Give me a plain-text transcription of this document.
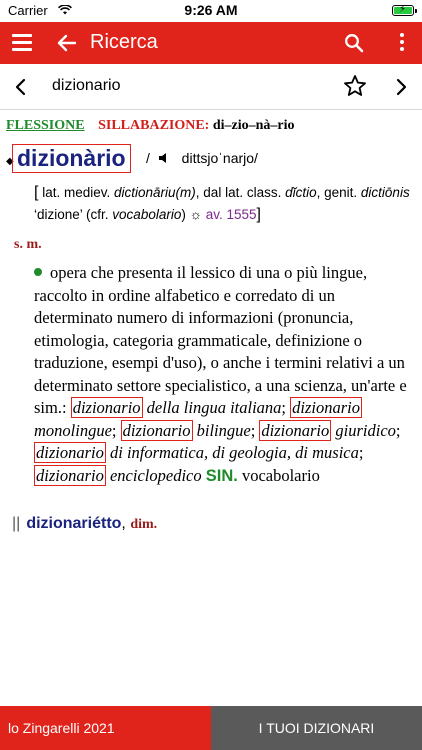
Carrier	9:26 AM	⚡
Ricerca
dizionario
FLESSIONE SILLABAZIONE: di–zio–nà–rio
◆ dizionàrio	/ dittsjoˈnarjo/
[ lat. mediev. dictionāriu(m), dal lat. class. dĭctio, genit. dictiōnis ‘dizione’ (cfr. vocabolario) ☼ av. 1555]
s. m.
opera che presenta il lessico di una o più lingue, raccolto in ordine alfabetico e corredato di un determinato numero di informazioni (pronuncia, etimologia, categoria grammaticale, definizione o traduzione, esempi d'uso), o anche i termini relativi a un determinato settore specialistico, a una scienza, un'arte e sim.: dizionario della lingua italiana; dizionario monolingue; dizionario bilingue; dizionario giuridico; dizionario di informatica, di geologia, di musica; dizionario enciclopedico SIN. vocabolario
|| dizionariétto, dim.
lo Zingarelli 2021	I TUOI DIZIONARI
